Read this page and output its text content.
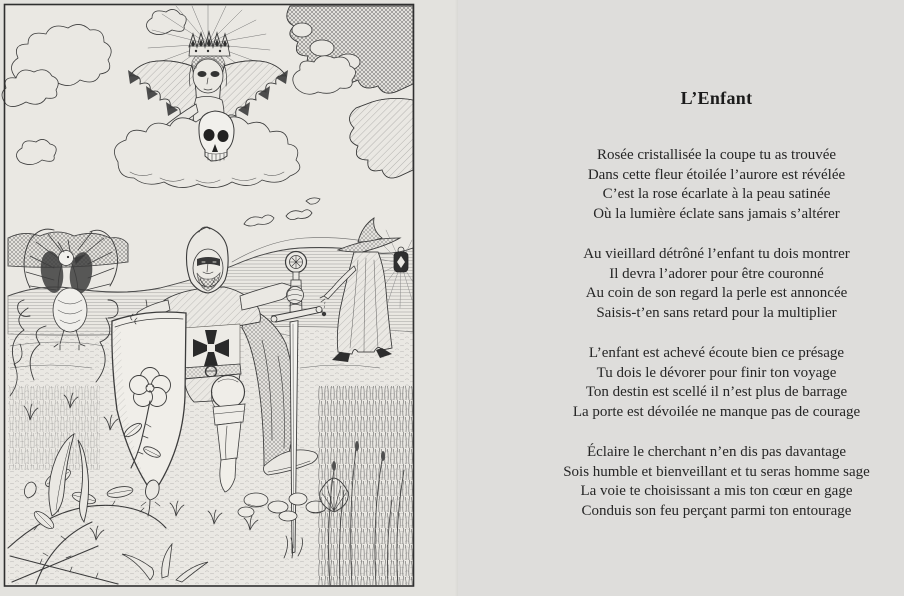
L’Enfant

Rosée cristallisée la coupe tu as trouvée

Dans cette fleur étoilée l’aurore est révélée

C’est la rose écarlate à la peau satinée

Où la lumière éclate sans jamais s’altérer

Au vieillard détrôné l’enfant tu dois montrer

Il devra l’adorer pour être couronné

Au coin de son regard la perle est annoncée

Saisis-t’en sans retard pour la multiplier

L’enfant est achevé écoute bien ce présage

Tu dois le dévorer pour finir ton voyage

Ton destin est scellé il n’est plus de barrage

La porte est dévoilée ne manque pas de courage

Éclaire le cherchant n’en dis pas davantage

Sois humble et bienveillant et tu seras homme sage

La voie te choisissant a mis ton cœur en gage

Conduis son feu perçant parmi ton entourage
